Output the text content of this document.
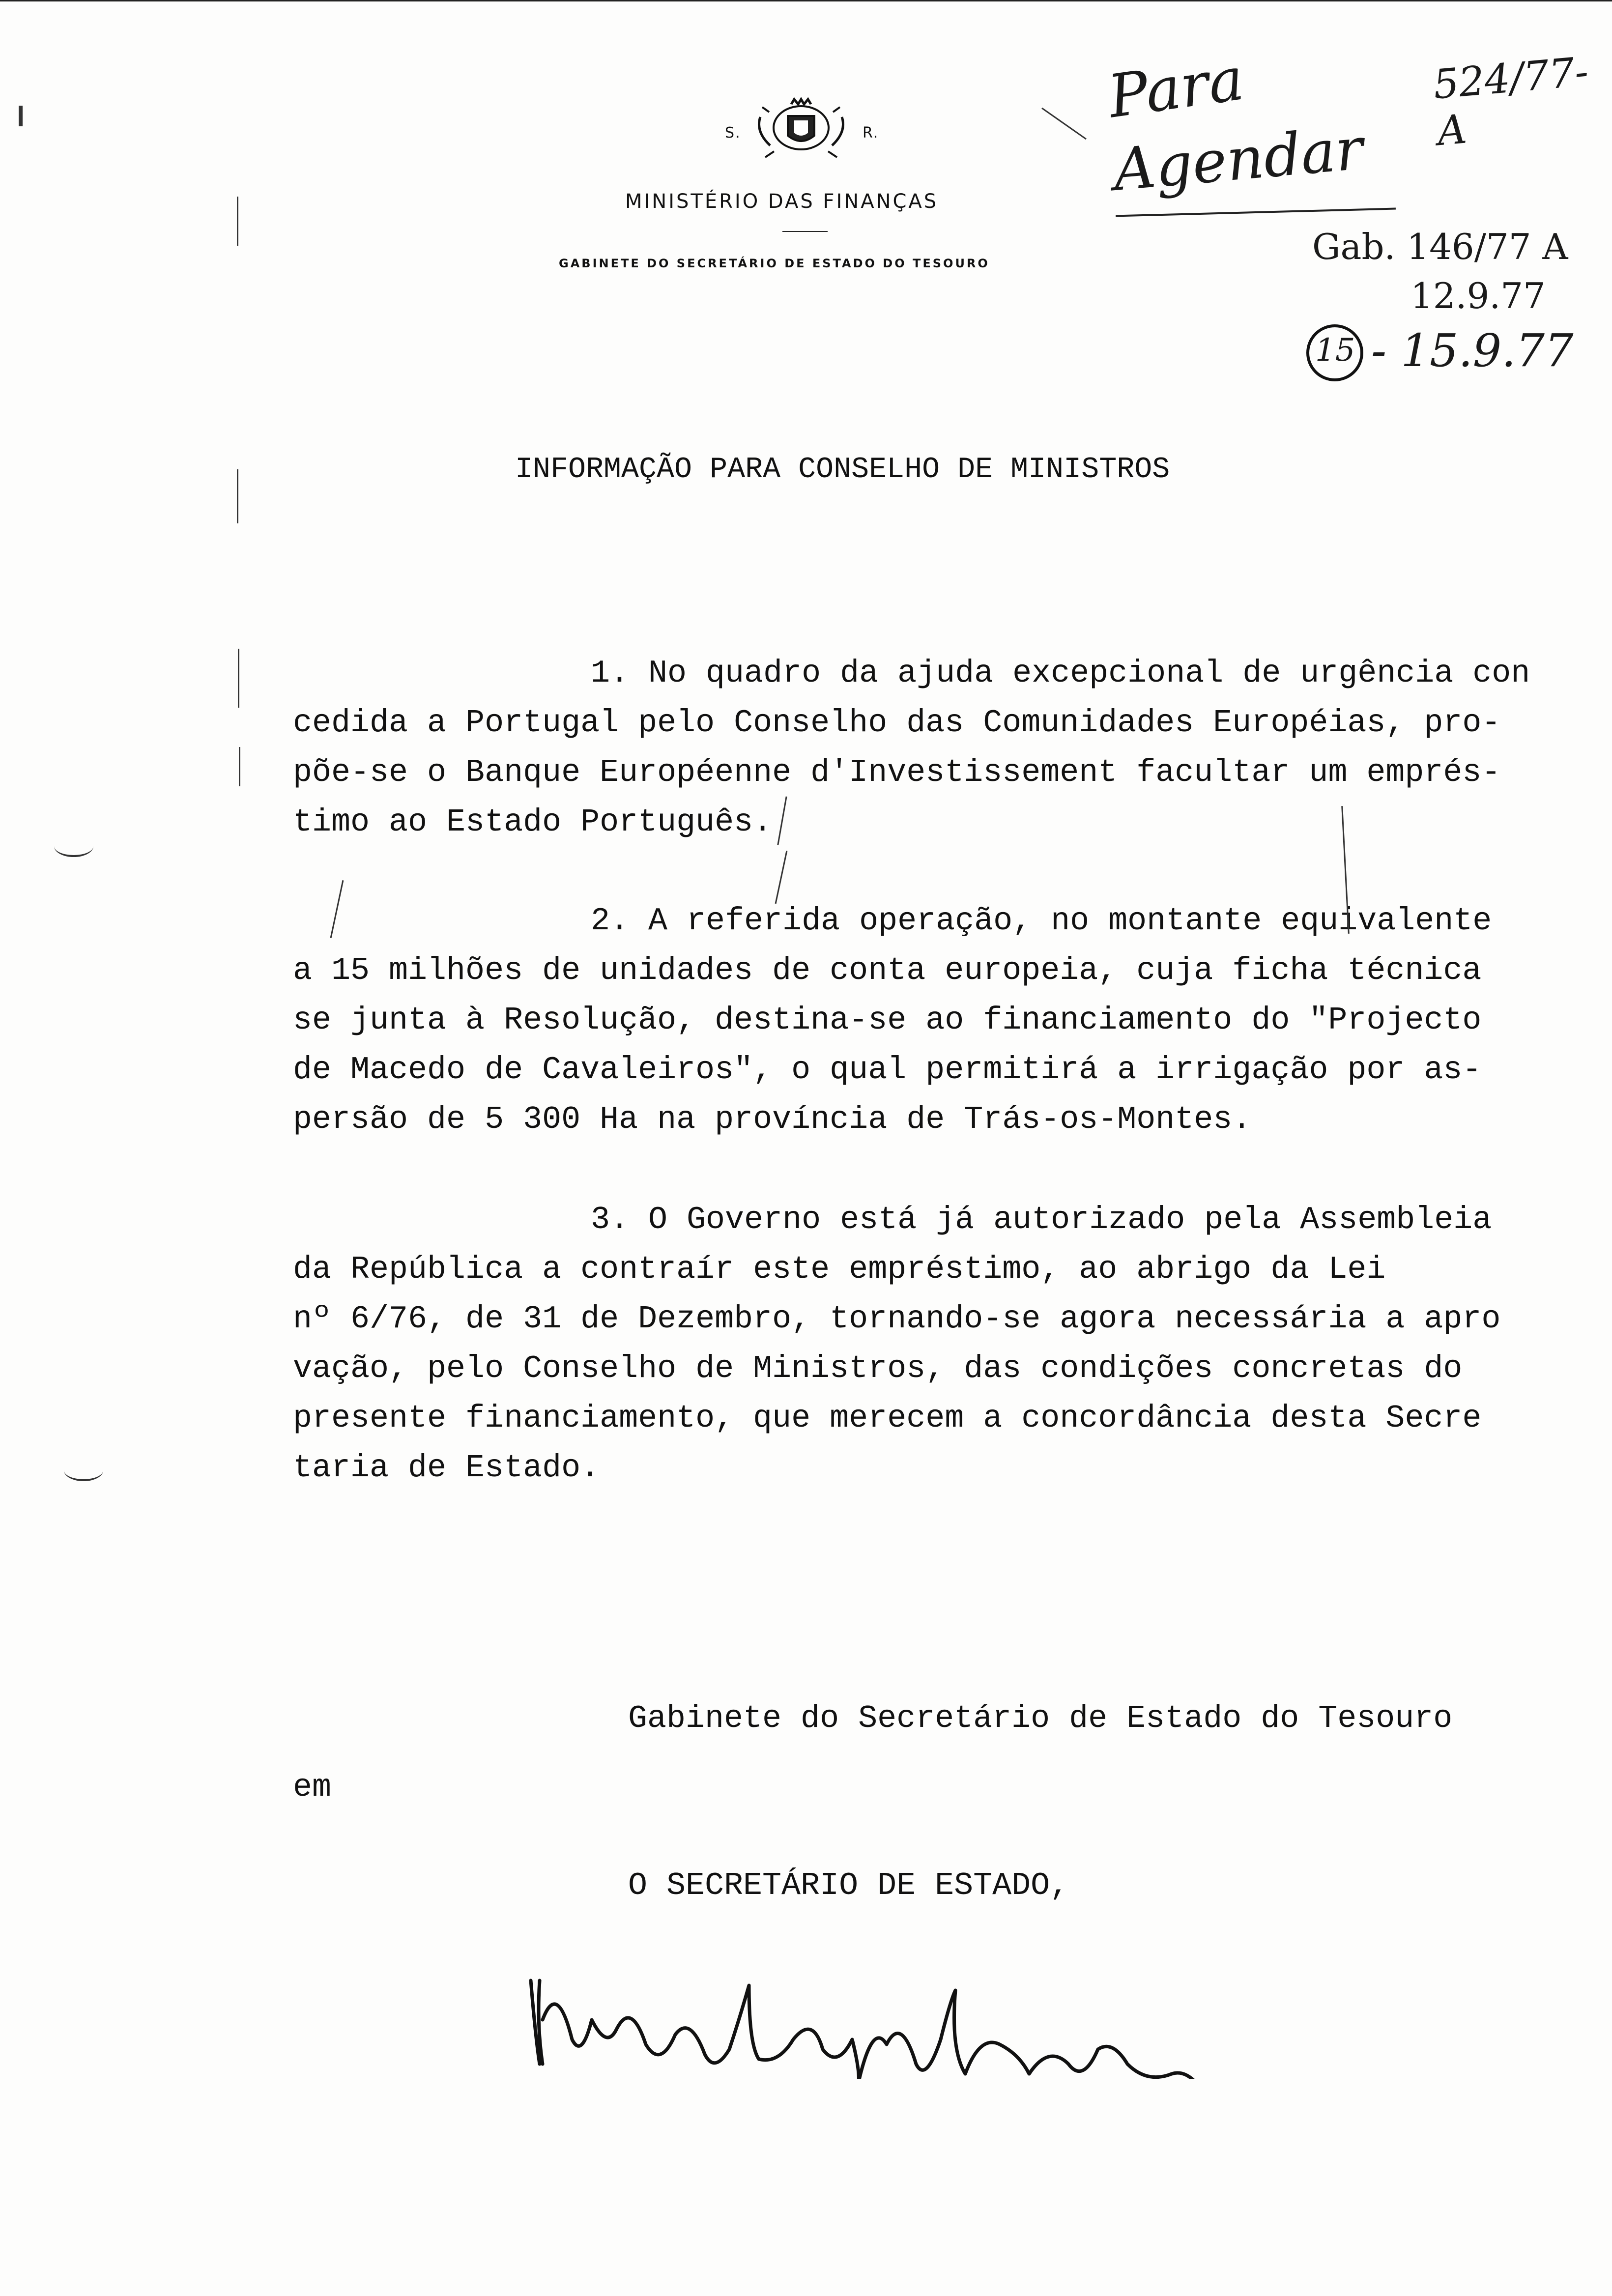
S.	R.
MINISTÉRIO DAS FINANÇAS
GABINETE DO SECRETÁRIO DE ESTADO DO TESOURO
Para
Agendar
524/77-A
Gab. 146/77 A
12.9.77
15 - 15.9.77
INFORMAÇÃO PARA CONSELHO DE MINISTROS
1. No quadro da ajuda excepcional de urgência con
cedida a Portugal pelo Conselho das Comunidades Européias, pro-
põe-se o Banque Européenne d'Investissement facultar um emprés-
timo ao Estado Português.
2. A referida operação, no montante equivalente
a 15 milhões de unidades de conta europeia, cuja ficha técnica
se junta à Resolução, destina-se ao financiamento do "Projecto
de Macedo de Cavaleiros", o qual permitirá a irrigação por as-
persão de 5 300 Ha na província de Trás-os-Montes.
3. O Governo está já autorizado pela Assembleia
da República a contraír este empréstimo, ao abrigo da Lei
nº 6/76, de 31 de Dezembro, tornando-se agora necessária a apro
vação, pelo Conselho de Ministros, das condições concretas do
presente financiamento, que merecem a concordância desta Secre
taria de Estado.
Gabinete do Secretário de Estado do Tesouro
em
O SECRETÁRIO DE ESTADO,
